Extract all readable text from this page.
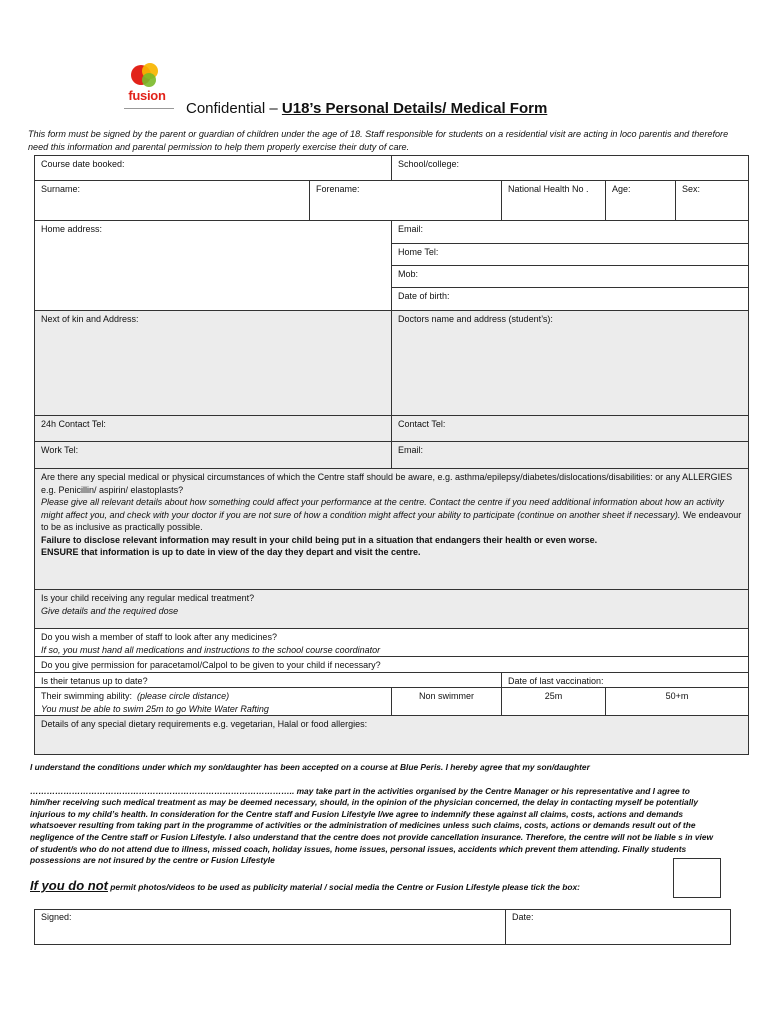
fusion
Confidential – U18’s Personal Details/ Medical Form
This form must be signed by the parent or guardian of children under the age of 18. Staff responsible for students on a residential visit are acting in loco parentis and therefore need this information and parental permission to help them properly exercise their duty of care.
Course date booked:		School/college:			
Surname:	Forename:		National Health No .	Age:	Sex:
Home address:		Email:			
		Home Tel:			
		Mob:			
		Date of birth:			
Next of kin and Address:		Doctors name and address (student’s):			
24h Contact Tel:		Contact Tel:			
Work Tel:		Email:			
Are there any special medical or physical circumstances of which the Centre staff should be aware, e.g. asthma/epilepsy/diabetes/dislocations/disabilities: or any ALLERGIES e.g. Penicillin/ aspirin/ elastoplasts?
Please give all relevant details about how something could affect your performance at the centre. Contact the centre if you need additional information about how an activity might affect you, and check with your doctor if you are not sure of how a condition might affect your ability to participate (continue on another sheet if necessary). We endeavour to be as inclusive as practically possible.
Failure to disclose relevant information may result in your child being put in a situation that endangers their health or even worse.
ENSURE that information is up to date in view of the day they depart and visit the centre.					
Is your child receiving any regular medical treatment?
Give details and the required dose					
Do you wish a member of staff to look after any medicines?
If so, you must hand all medications and instructions to the school course coordinator					
Do you give permission for paracetamol/Calpol to be given to your child if necessary?					
Is their tetanus up to date?			Date of last vaccination:		
Their swimming ability: (please circle distance)
You must be able to swim 25m to go White Water Rafting		Non swimmer	25m	50+m	
Details of any special dietary requirements e.g. vegetarian, Halal or food allergies:					

I understand the conditions under which my son/daughter has been accepted on a course at Blue Peris. I hereby agree that my son/daughter

………………………………………………………………………………….. may take part in the activities organised by the Centre Manager or his representative and I agree to him/her receiving such medical treatment as may be deemed necessary, should, in the opinion of the physician concerned, the delay in contacting myself be potentially injurious to my child’s health. In consideration for the Centre staff and Fusion Lifestyle I/we agree to indemnify these against all claims, costs, actions and demands whatsoever resulting from taking part in the programme of activities or the administration of medicines unless such claims, costs, actions or demands result out of the negligence of the Centre staff or Fusion Lifestyle. I also understand that the centre does not provide cancellation insurance. Therefore, the centre will not be liable s in view of student/s who do not attend due to illness, missed coach, holiday issues, home issues, personal issues, accidents which prevent them attending. Finally students possessions are not insured by the centre or Fusion Lifestyle

If you do not permit photos/videos to be used as publicity material / social media the Centre or Fusion Lifestyle please tick the box:
Signed:	Date:
